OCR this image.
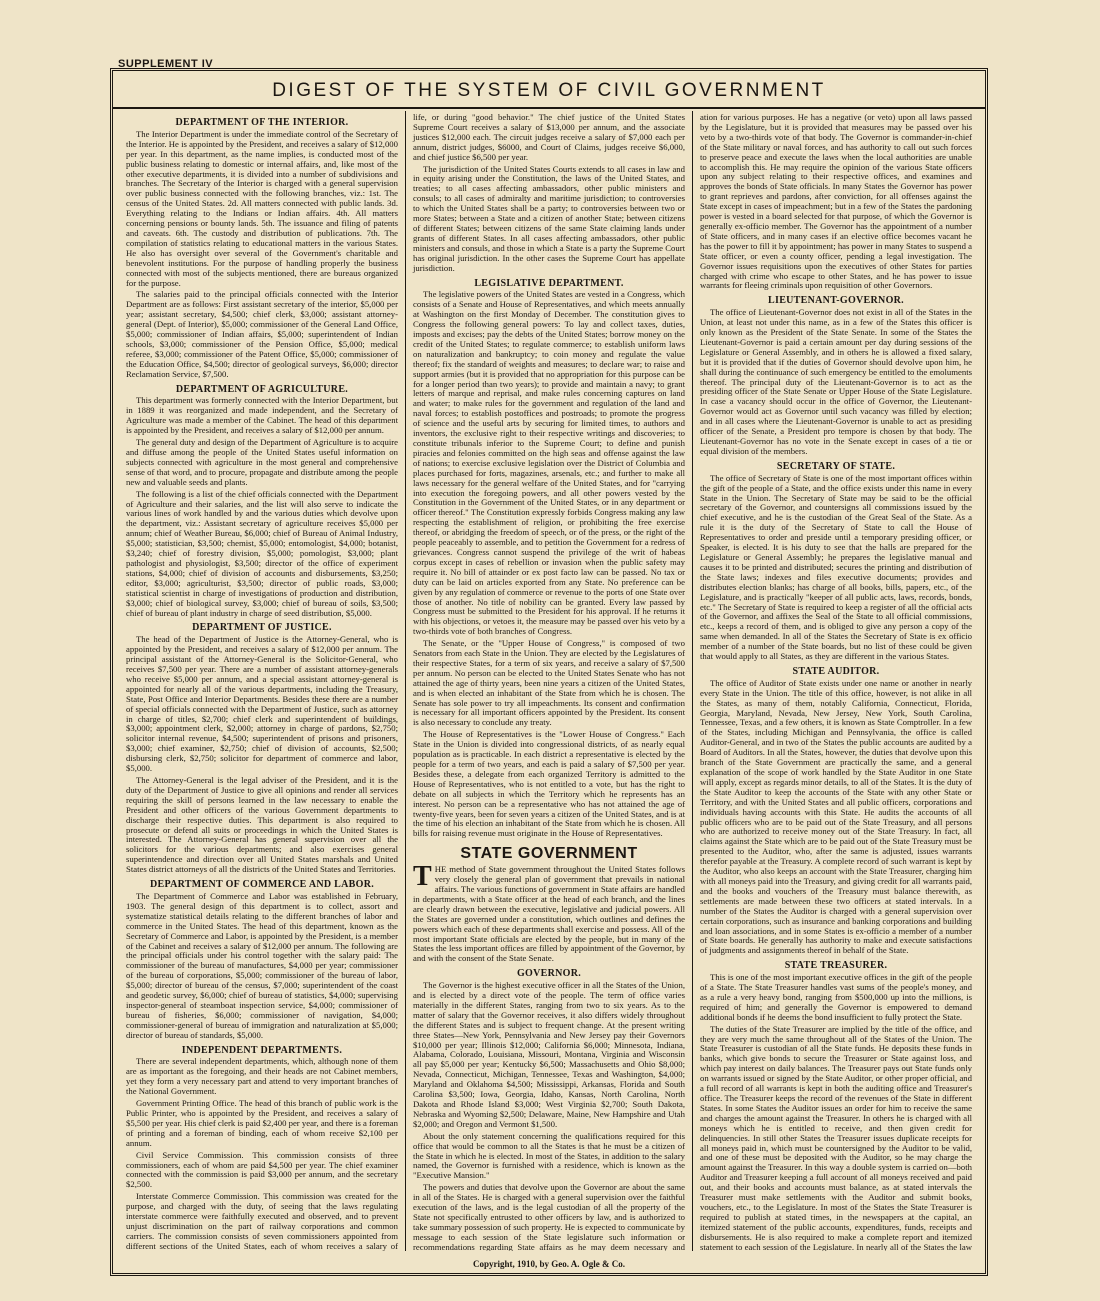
SUPPLEMENT IV
DIGEST OF THE SYSTEM OF CIVIL GOVERNMENT
DEPARTMENT OF THE INTERIOR.

The Interior Department is under the immediate control of the Secretary of the Interior. He is appointed by the President, and receives a salary of $12,000 per year. In this department, as the name implies, is conducted most of the public business relating to domestic or internal affairs, and, like most of the other executive departments, it is divided into a number of subdivisions and branches. The Secretary of the Interior is charged with a general supervision over public business connected with the following branches, viz.: 1st. The census of the United States. 2d. All matters connected with public lands. 3d. Everything relating to the Indians or Indian affairs. 4th. All matters concerning pensions or bounty lands. 5th. The issuance and filing of patents and caveats. 6th. The custody and distribution of publications. 7th. The compilation of statistics relating to educational matters in the various States. He also has oversight over several of the Government's charitable and benevolent institutions. For the purpose of handling properly the business connected with most of the subjects mentioned, there are bureaus organized for the purpose.

The salaries paid to the principal officials connected with the Interior Department are as follows: First assistant secretary of the interior, $5,000 per year; assistant secretary, $4,500; chief clerk, $3,000; assistant attorney-general (Dept. of Interior), $5,000; commissioner of the General Land Office, $5,000; commissioner of Indian affairs, $5,000; superintendent of Indian schools, $3,000; commissioner of the Pension Office, $5,000; medical referee, $3,000; commissioner of the Patent Office, $5,000; commissioner of the Education Office, $4,500; director of geological surveys, $6,000; director Reclamation Service, $7,500.

DEPARTMENT OF AGRICULTURE.

This department was formerly connected with the Interior Department, but in 1889 it was reorganized and made independent, and the Secretary of Agriculture was made a member of the Cabinet. The head of this department is appointed by the President, and receives a salary of $12,000 per annum.

The general duty and design of the Department of Agriculture is to acquire and diffuse among the people of the United States useful information on subjects connected with agriculture in the most general and comprehensive sense of that word, and to procure, propagate and distribute among the people new and valuable seeds and plants.

The following is a list of the chief officials connected with the Department of Agriculture and their salaries, and the list will also serve to indicate the various lines of work handled by and the various duties which devolve upon the department, viz.: Assistant secretary of agriculture receives $5,000 per annum; chief of Weather Bureau, $6,000; chief of Bureau of Animal Industry, $5,000; statistician, $3,500; chemist, $5,000; entomologist, $4,000; botanist, $3,240; chief of forestry division, $5,000; pomologist, $3,000; plant pathologist and physiologist, $3,500; director of the office of experiment stations, $4,000; chief of division of accounts and disbursements, $3,250; editor, $3,000; agriculturist, $3,500; director of public roads, $3,000; statistical scientist in charge of investigations of production and distribution, $3,000; chief of biological survey, $3,000; chief of bureau of soils, $3,500; chief of bureau of plant industry in charge of seed distribution, $5,000.

DEPARTMENT OF JUSTICE.

The head of the Department of Justice is the Attorney-General, who is appointed by the President, and receives a salary of $12,000 per annum. The principal assistant of the Attorney-General is the Solicitor-General, who receives $7,500 per year. There are a number of assistant attorney-generals who receive $5,000 per annum, and a special assistant attorney-general is appointed for nearly all of the various departments, including the Treasury, State, Post Office and Interior Departments. Besides these there are a number of special officials connected with the Department of Justice, such as attorney in charge of titles, $2,700; chief clerk and superintendent of buildings, $3,000; appointment clerk, $2,000; attorney in charge of pardons, $2,750; solicitor internal revenue, $4,500; superintendent of prisons and prisoners, $3,000; chief examiner, $2,750; chief of division of accounts, $2,500; disbursing clerk, $2,750; solicitor for department of commerce and labor, $5,000.

The Attorney-General is the legal adviser of the President, and it is the duty of the Department of Justice to give all opinions and render all services requiring the skill of persons learned in the law necessary to enable the President and other officers of the various Government departments to discharge their respective duties. This department is also required to prosecute or defend all suits or proceedings in which the United States is interested. The Attorney-General has general supervision over all the solicitors for the various departments; and also exercises general superintendence and direction over all United States marshals and United States district attorneys of all the districts of the United States and Territories.

DEPARTMENT OF COMMERCE AND LABOR.

The Department of Commerce and Labor was established in February, 1903. The general design of this department is to collect, assort and systematize statistical details relating to the different branches of labor and commerce in the United States. The head of this department, known as the Secretary of Commerce and Labor, is appointed by the President, is a member of the Cabinet and receives a salary of $12,000 per annum. The following are the principal officials under his control together with the salary paid: The commissioner of the bureau of manufactures, $4,000 per year; commissioner of the bureau of corporations, $5,000; commissioner of the bureau of labor, $5,000; director of bureau of the census, $7,000; superintendent of the coast and geodetic survey, $6,000; chief of bureau of statistics, $4,000; supervising inspector-general of steamboat inspection service, $4,000; commissioner of bureau of fisheries, $6,000; commissioner of navigation, $4,000; commissioner-general of bureau of immigration and naturalization at $5,000; director of bureau of standards, $5,000.

INDEPENDENT DEPARTMENTS.

There are several independent departments, which, although none of them are as important as the foregoing, and their heads are not Cabinet members, yet they form a very necessary part and attend to very important branches of the National Government.

Government Printing Office. The head of this branch of public work is the Public Printer, who is appointed by the President, and receives a salary of $5,500 per year. His chief clerk is paid $2,400 per year, and there is a foreman of printing and a foreman of binding, each of whom receive $2,100 per annum.

Civil Service Commission. This commission consists of three commissioners, each of whom are paid $4,500 per year. The chief examiner connected with the commission is paid $3,000 per annum, and the secretary $2,500.

Interstate Commerce Commission. This commission was created for the purpose, and charged with the duty, of seeing that the laws regulating interstate commerce were faithfully executed and observed, and to prevent unjust discrimination on the part of railway corporations and common carriers. The commission consists of seven commissioners appointed from different sections of the United States, each of whom receives a salary of

life, or during "good behavior." The chief justice of the United States Supreme Court receives a salary of $13,000 per annum, and the associate justices $12,000 each. The circuit judges receive a salary of $7,000 each per annum, district judges, $6000, and Court of Claims, judges receive $6,000, and chief justice $6,500 per year.

The jurisdiction of the United States Courts extends to all cases in law and in equity arising under the Constitution, the laws of the United States, and treaties; to all cases affecting ambassadors, other public ministers and consuls; to all cases of admiralty and maritime jurisdiction; to controversies to which the United States shall be a party; to controversies between two or more States; between a State and a citizen of another State; between citizens of different States; between citizens of the same State claiming lands under grants of different States. In all cases affecting ambassadors, other public ministers and consuls, and those in which a State is a party the Supreme Court has original jurisdiction. In the other cases the Supreme Court has appellate jurisdiction.

LEGISLATIVE DEPARTMENT.

The legislative powers of the United States are vested in a Congress, which consists of a Senate and House of Representatives, and which meets annually at Washington on the first Monday of December. The constitution gives to Congress the following general powers: To lay and collect taxes, duties, imposts and excises; pay the debts of the United States; borrow money on the credit of the United States; to regulate commerce; to establish uniform laws on naturalization and bankruptcy; to coin money and regulate the value thereof; fix the standard of weights and measures; to declare war; to raise and support armies (but it is provided that no appropriation for this purpose can be for a longer period than two years); to provide and maintain a navy; to grant letters of marque and reprisal, and make rules concerning captures on land and water; to make rules for the government and regulation of the land and naval forces; to establish postoffices and postroads; to promote the progress of science and the useful arts by securing for limited times, to authors and inventors, the exclusive right to their respective writings and discoveries; to constitute tribunals inferior to the Supreme Court; to define and punish piracies and felonies committed on the high seas and offense against the law of nations; to exercise exclusive legislation over the District of Columbia and places purchased for forts, magazines, arsenals, etc.; and further to make all laws necessary for the general welfare of the United States, and for "carrying into execution the foregoing powers, and all other powers vested by the Constitution in the Government of the United States, or in any department or officer thereof." The Constitution expressly forbids Congress making any law respecting the establishment of religion, or prohibiting the free exercise thereof, or abridging the freedom of speech, or of the press, or the right of the people peaceably to assemble, and to petition the Government for a redress of grievances. Congress cannot suspend the privilege of the writ of habeas corpus except in cases of rebellion or invasion when the public safety may require it. No bill of attainder or ex post facto law can be passed. No tax or duty can be laid on articles exported from any State. No preference can be given by any regulation of commerce or revenue to the ports of one State over those of another. No title of nobility can be granted. Every law passed by Congress must be submitted to the President for his approval. If he returns it with his objections, or vetoes it, the measure may be passed over his veto by a two-thirds vote of both branches of Congress.

The Senate, or the "Upper House of Congress," is composed of two Senators from each State in the Union. They are elected by the Legislatures of their respective States, for a term of six years, and receive a salary of $7,500 per annum. No person can be elected to the United States Senate who has not attained the age of thirty years, been nine years a citizen of the United States, and is when elected an inhabitant of the State from which he is chosen. The Senate has sole power to try all impeachments. Its consent and confirmation is necessary for all important officers appointed by the President. Its consent is also necessary to conclude any treaty.

The House of Representatives is the "Lower House of Congress." Each State in the Union is divided into congressional districts, of as nearly equal population as is practicable. In each district a representative is elected by the people for a term of two years, and each is paid a salary of $7,500 per year. Besides these, a delegate from each organized Territory is admitted to the House of Representatives, who is not entitled to a vote, but has the right to debate on all subjects in which the Territory which he represents has an interest. No person can be a representative who has not attained the age of twenty-five years, been for seven years a citizen of the United States, and is at the time of his election an inhabitant of the State from which he is chosen. All bills for raising revenue must originate in the House of Representatives.

STATE GOVERNMENT

THE method of State government throughout the United States follows very closely the general plan of government that prevails in national affairs. The various functions of government in State affairs are handled in departments, with a State officer at the head of each branch, and the lines are clearly drawn between the executive, legislative and judicial powers. All the States are governed under a constitution, which outlines and defines the powers which each of these departments shall exercise and possess. All of the most important State officials are elected by the people, but in many of the States the less important offices are filled by appointment of the Governor, by and with the consent of the State Senate.

GOVERNOR.

The Governor is the highest executive officer in all the States of the Union, and is elected by a direct vote of the people. The term of office varies materially in the different States, ranging from two to six years. As to the matter of salary that the Governor receives, it also differs widely throughout the different States and is subject to frequent change. At the present writing three States—New York, Pennsylvania and New Jersey pay their Governors $10,000 per year; Illinois $12,000; California $6,000; Minnesota, Indiana, Alabama, Colorado, Louisiana, Missouri, Montana, Virginia and Wisconsin all pay $5,000 per year; Kentucky $6,500; Massachusetts and Ohio $8,000; Nevada, Connecticut, Michigan, Tennessee, Texas and Washington, $4,000; Maryland and Oklahoma $4,500; Mississippi, Arkansas, Florida and South Carolina $3,500; Iowa, Georgia, Idaho, Kansas, North Carolina, North Dakota and Rhode Island $3,000; West Virginia $2,700; South Dakota, Nebraska and Wyoming $2,500; Delaware, Maine, New Hampshire and Utah $2,000; and Oregon and Vermont $1,500.

About the only statement concerning the qualifications required for this office that would be common to all the States is that he must be a citizen of the State in which he is elected. In most of the States, in addition to the salary named, the Governor is furnished with a residence, which is known as the "Executive Mansion."

The powers and duties that devolve upon the Governor are about the same in all of the States. He is charged with a general supervision over the faithful execution of the laws, and is the legal custodian of all the property of the State not specifically entrusted to other officers by law, and is authorized to take summary possession of such property. He is expected to communicate by message to each session of the State legislature such information or recommendations regarding State affairs as he may deem necessary and

ation for various purposes. He has a negative (or veto) upon all laws passed by the Legislature, but it is provided that measures may be passed over his veto by a two-thirds vote of that body. The Governor is commander-in-chief of the State military or naval forces, and has authority to call out such forces to preserve peace and execute the laws when the local authorities are unable to accomplish this. He may require the opinion of the various State officers upon any subject relating to their respective offices, and examines and approves the bonds of State officials. In many States the Governor has power to grant reprieves and pardons, after conviction, for all offenses against the State except in cases of impeachment; but in a few of the States the pardoning power is vested in a board selected for that purpose, of which the Governor is generally ex-officio member. The Governor has the appointment of a number of State officers, and in many cases if an elective office becomes vacant he has the power to fill it by appointment; has power in many States to suspend a State officer, or even a county officer, pending a legal investigation. The Governor issues requisitions upon the executives of other States for parties charged with crime who escape to other States, and he has power to issue warrants for fleeing criminals upon requisition of other Governors.

LIEUTENANT-GOVERNOR.

The office of Lieutenant-Governor does not exist in all of the States in the Union, at least not under this name, as in a few of the States this officer is only known as the President of the State Senate. In some of the States the Lieutenant-Governor is paid a certain amount per day during sessions of the Legislature or General Assembly, and in others he is allowed a fixed salary, but it is provided that if the duties of Governor should devolve upon him, he shall during the continuance of such emergency be entitled to the emoluments thereof. The principal duty of the Lieutenant-Governor is to act as the presiding officer of the State Senate or Upper House of the State Legislature. In case a vacancy should occur in the office of Governor, the Lieutenant-Governor would act as Governor until such vacancy was filled by election; and in all cases where the Lieutenant-Governor is unable to act as presiding officer of the Senate, a President pro tempore is chosen by that body. The Lieutenant-Governor has no vote in the Senate except in cases of a tie or equal division of the members.

SECRETARY OF STATE.

The office of Secretary of State is one of the most important offices within the gift of the people of a State, and the office exists under this name in every State in the Union. The Secretary of State may be said to be the official secretary of the Governor, and countersigns all commissions issued by the chief executive, and he is the custodian of the Great Seal of the State. As a rule it is the duty of the Secretary of State to call the House of Representatives to order and preside until a temporary presiding officer, or Speaker, is elected. It is his duty to see that the halls are prepared for the Legislature or General Assembly; he prepares the legislative manual and causes it to be printed and distributed; secures the printing and distribution of the State laws; indexes and files executive documents; provides and distributes election blanks; has charge of all books, bills, papers, etc., of the Legislature, and is practically "keeper of all public acts, laws, records, bonds, etc." The Secretary of State is required to keep a register of all the official acts of the Governor, and affixes the Seal of the State to all official commissions, etc., keeps a record of them, and is obliged to give any person a copy of the same when demanded. In all of the States the Secretary of State is ex officio member of a number of the State boards, but no list of these could be given that would apply to all States, as they are different in the various States.

STATE AUDITOR.

The office of Auditor of State exists under one name or another in nearly every State in the Union. The title of this office, however, is not alike in all the States, as many of them, notably California, Connecticut, Florida, Georgia, Maryland, Nevada, New Jersey, New York, South Carolina, Tennessee, Texas, and a few others, it is known as State Comptroller. In a few of the States, including Michigan and Pennsylvania, the office is called Auditor-General, and in two of the States the public accounts are audited by a Board of Auditors. In all the States, however, the duties that devolve upon this branch of the State Government are practically the same, and a general explanation of the scope of work handled by the State Auditor in one State will apply, except as regards minor details, to all of the States. It is the duty of the State Auditor to keep the accounts of the State with any other State or Territory, and with the United States and all public officers, corporations and individuals having accounts with this State. He audits the accounts of all public officers who are to be paid out of the State Treasury, and all persons who are authorized to receive money out of the State Treasury. In fact, all claims against the State which are to be paid out of the State Treasury must be presented to the Auditor, who, after the same is adjusted, issues warrants therefor payable at the Treasury. A complete record of such warrant is kept by the Auditor, who also keeps an account with the State Treasurer, charging him with all moneys paid into the Treasury, and giving credit for all warrants paid, and the books and vouchers of the Treasury must balance therewith, as settlements are made between these two officers at stated intervals. In a number of the States the Auditor is charged with a general supervision over certain corporations, such as insurance and banking corporations and building and loan associations, and in some States is ex-officio a member of a number of State boards. He generally has authority to make and execute satisfactions of judgments and assignments thereof in behalf of the State.

STATE TREASURER.

This is one of the most important executive offices in the gift of the people of a State. The State Treasurer handles vast sums of the people's money, and as a rule a very heavy bond, ranging from $500,000 up into the millions, is required of him; and generally the Governor is empowered to demand additional bonds if he deems the bond insufficient to fully protect the State.

The duties of the State Treasurer are implied by the title of the office, and they are very much the same throughout all of the States of the Union. The State Treasurer is custodian of all the State funds. He deposits these funds in banks, which give bonds to secure the Treasurer or State against loss, and which pay interest on daily balances. The Treasurer pays out State funds only on warrants issued or signed by the State Auditor, or other proper official, and a full record of all warrants is kept in both the auditing office and Treasurer's office. The Treasurer keeps the record of the revenues of the State in different States. In some States the Auditor issues an order for him to receive the same and charges the amount against the Treasurer. In others he is charged with all moneys which he is entitled to receive, and then given credit for delinquencies. In still other States the Treasurer issues duplicate receipts for all moneys paid in, which must be countersigned by the Auditor to be valid, and one of these must be deposited with the Auditor, so he may charge the amount against the Treasurer. In this way a double system is carried on—both Auditor and Treasurer keeping a full account of all moneys received and paid out, and their books and accounts must balance, as at stated intervals the Treasurer must make settlements with the Auditor and submit books, vouchers, etc., to the Legislature. In most of the States the State Treasurer is required to publish at stated times, in the newspapers at the capital, an itemized statement of the public accounts, expenditures, funds, receipts and disbursements. He is also required to make a complete report and itemized statement to each session of the Legislature. In nearly all of the States the law

Copyright, 1910, by Geo. A. Ogle & Co.
